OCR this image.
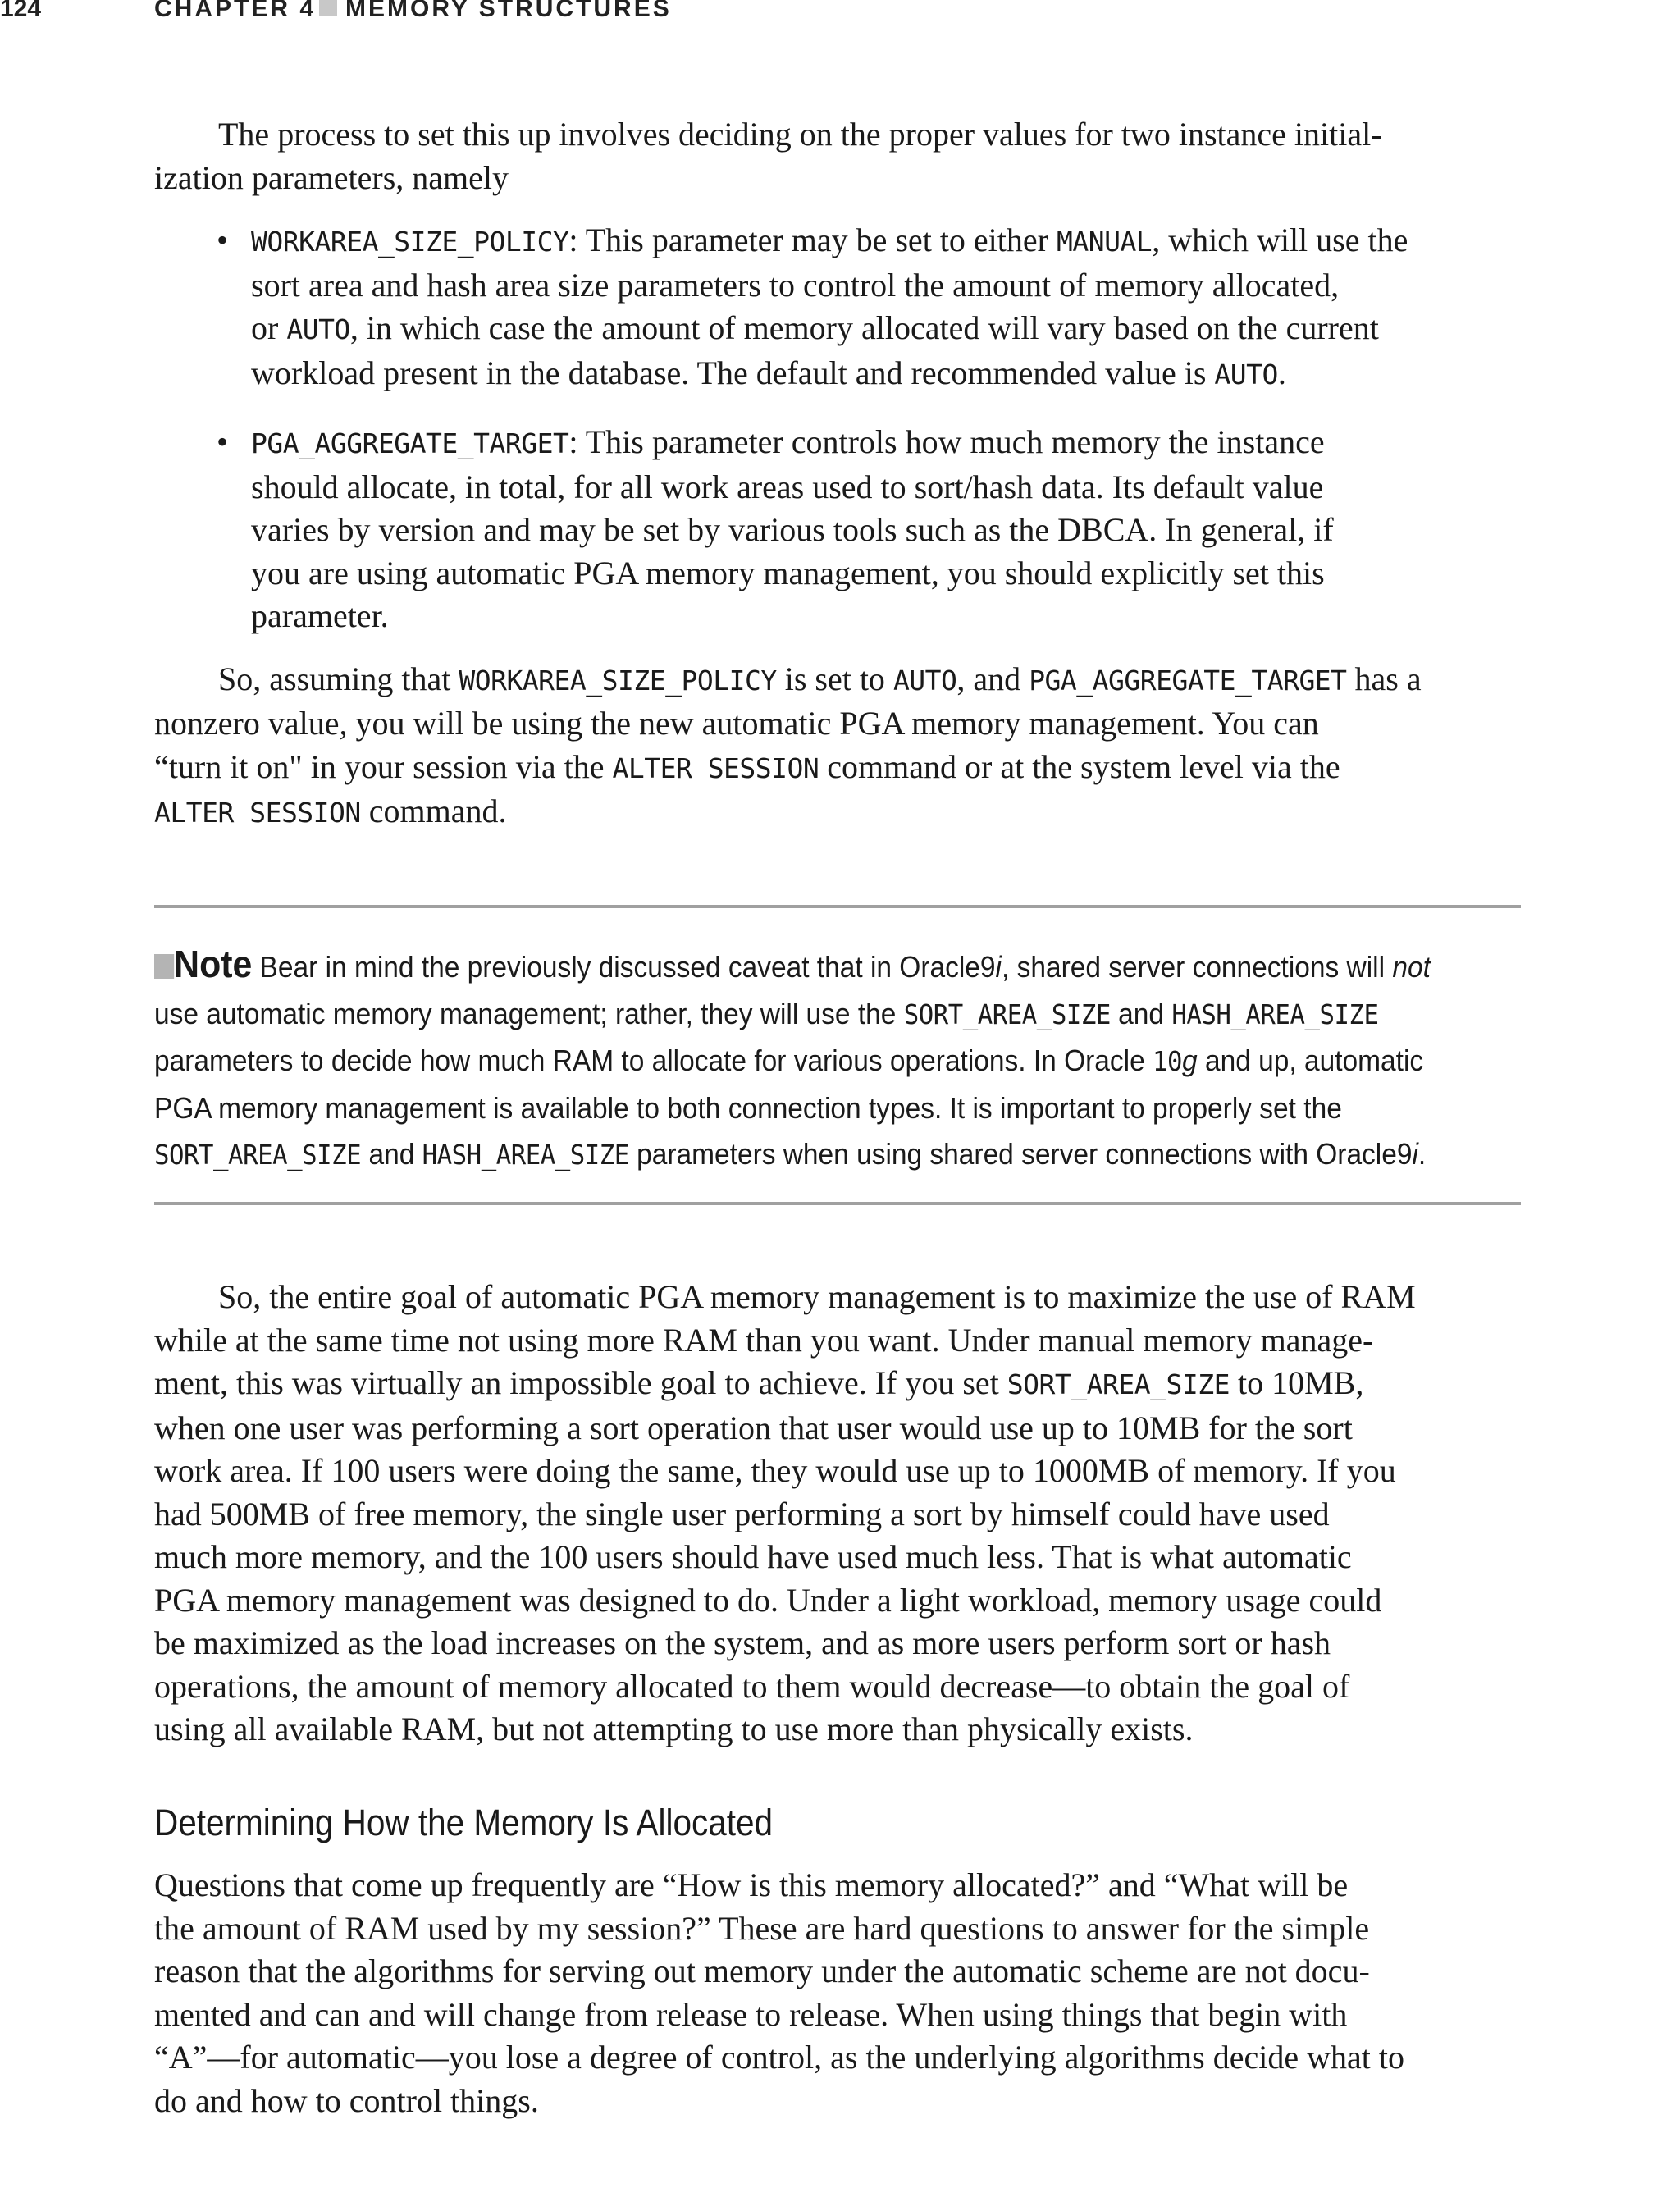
124	CHAPTER 4 MEMORY STRUCTURES

The process to set this up involves deciding on the proper values for two instance initial-
ization parameters, namely

• WORKAREA_SIZE_POLICY: This parameter may be set to either MANUAL, which will use the
sort area and hash area size parameters to control the amount of memory allocated,
or AUTO, in which case the amount of memory allocated will vary based on the current
workload present in the database. The default and recommended value is AUTO.
• PGA_AGGREGATE_TARGET: This parameter controls how much memory the instance
should allocate, in total, for all work areas used to sort/hash data. Its default value
varies by version and may be set by various tools such as the DBCA. In general, if
you are using automatic PGA memory management, you should explicitly set this
parameter.

So, assuming that WORKAREA_SIZE_POLICY is set to AUTO, and PGA_AGGREGATE_TARGET has a
nonzero value, you will be using the new automatic PGA memory management. You can
“turn it on" in your session via the ALTER SESSION command or at the system level via the
ALTER SESSION command.

Note Bear in mind the previously discussed caveat that in Oracle9i, shared server connections will not
use automatic memory management; rather, they will use the SORT_AREA_SIZE and HASH_AREA_SIZE
parameters to decide how much RAM to allocate for various operations. In Oracle 10g and up, automatic
PGA memory management is available to both connection types. It is important to properly set the
SORT_AREA_SIZE and HASH_AREA_SIZE parameters when using shared server connections with Oracle9i.

So, the entire goal of automatic PGA memory management is to maximize the use of RAM
while at the same time not using more RAM than you want. Under manual memory manage-
ment, this was virtually an impossible goal to achieve. If you set SORT_AREA_SIZE to 10MB,
when one user was performing a sort operation that user would use up to 10MB for the sort
work area. If 100 users were doing the same, they would use up to 1000MB of memory. If you
had 500MB of free memory, the single user performing a sort by himself could have used
much more memory, and the 100 users should have used much less. That is what automatic
PGA memory management was designed to do. Under a light workload, memory usage could
be maximized as the load increases on the system, and as more users perform sort or hash
operations, the amount of memory allocated to them would decrease—to obtain the goal of
using all available RAM, but not attempting to use more than physically exists.

Determining How the Memory Is Allocated

Questions that come up frequently are “How is this memory allocated?” and “What will be
the amount of RAM used by my session?” These are hard questions to answer for the simple
reason that the algorithms for serving out memory under the automatic scheme are not docu-
mented and can and will change from release to release. When using things that begin with
“A”—for automatic—you lose a degree of control, as the underlying algorithms decide what to
do and how to control things.
